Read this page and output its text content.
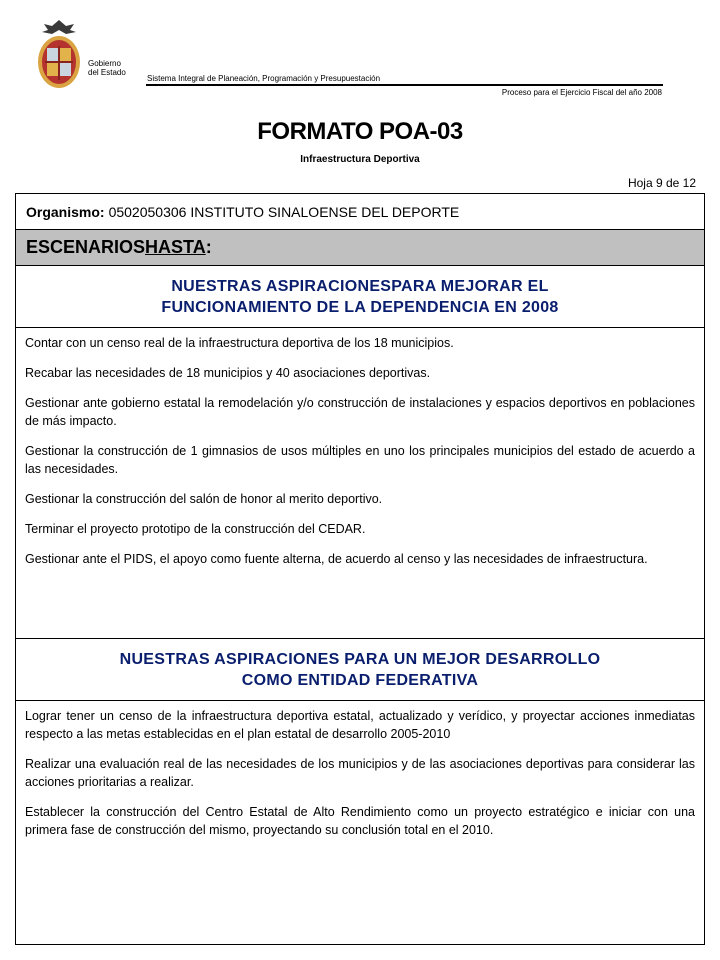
Gobierno
del Estado
Sistema Integral de Planeación, Programación y Presupuestación
Proceso para el Ejercicio Fiscal del año 2008
FORMATO POA-03
Infraestructura Deportiva
Hoja 9 de 12
Organismo: 0502050306 INSTITUTO SINALOENSE DEL DEPORTE
ESCENARIOS HASTA :
NUESTRAS ASPIRACIONESPARA MEJORAR EL
FUNCIONAMIENTO DE LA DEPENDENCIA EN 2008

Contar con un censo real de la infraestructura deportiva de los 18 municipios.

Recabar las necesidades de 18 municipios y 40 asociaciones deportivas.

Gestionar ante gobierno estatal la remodelación y/o construcción de instalaciones y espacios deportivos en poblaciones de más impacto.

Gestionar la construcción de 1 gimnasios de usos múltiples en uno los principales municipios del estado de acuerdo a las necesidades.

Gestionar la construcción del salón de honor al merito deportivo.

Terminar el proyecto prototipo de la construcción del CEDAR.

Gestionar ante el PIDS, el apoyo como fuente alterna, de acuerdo al censo y las necesidades de infraestructura.

NUESTRAS ASPIRACIONES PARA UN MEJOR DESARROLLO
COMO ENTIDAD FEDERATIVA

Lograr tener un censo de la infraestructura deportiva estatal, actualizado y verídico, y proyectar acciones inmediatas respecto a las metas establecidas en el plan estatal de desarrollo 2005-2010

Realizar una evaluación real de las necesidades de los municipios y de las asociaciones deportivas para considerar las acciones prioritarias a realizar.

Establecer la construcción del Centro Estatal de Alto Rendimiento como un proyecto estratégico e iniciar con una primera fase de construcción del mismo, proyectando su conclusión total en el 2010.
